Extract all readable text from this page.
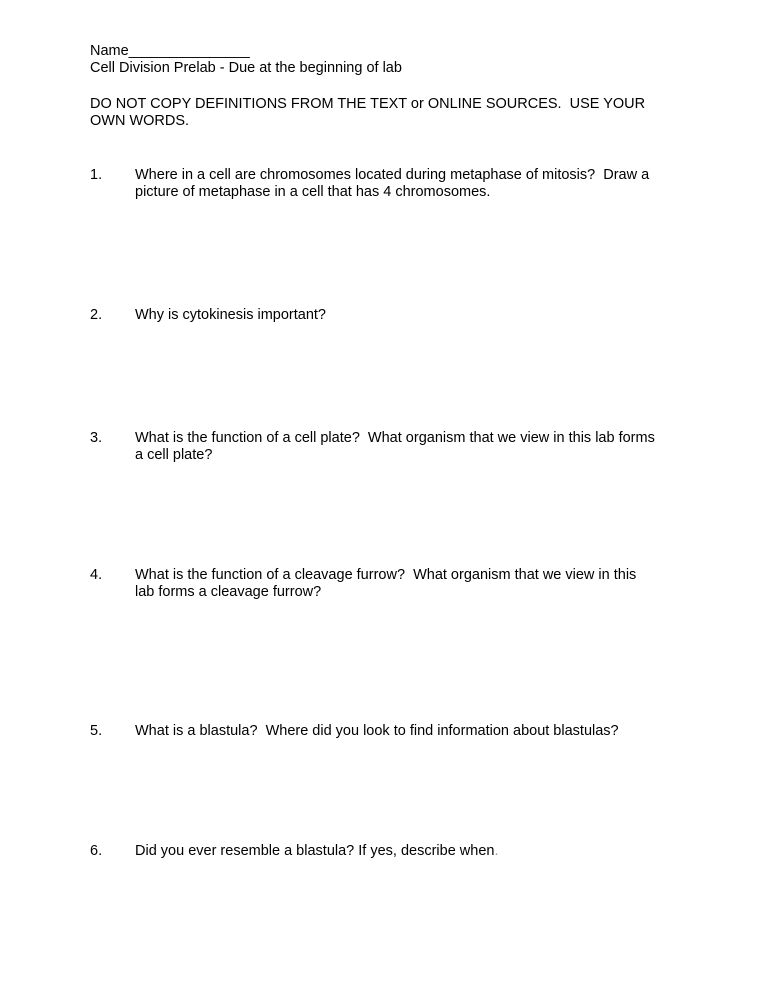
Name_______________
Cell Division Prelab - Due at the beginning of lab
DO NOT COPY DEFINITIONS FROM THE TEXT or ONLINE SOURCES.  USE YOUR
OWN WORDS.
1.	Where in a cell are chromosomes located during metaphase of mitosis?  Draw a
picture of metaphase in a cell that has 4 chromosomes.
2.	Why is cytokinesis important?
3.	What is the function of a cell plate?  What organism that we view in this lab forms
a cell plate?
4.	What is the function of a cleavage furrow?  What organism that we view in this
lab forms a cleavage furrow?
5.	What is a blastula?  Where did you look to find information about blastulas?
6.	Did you ever resemble a blastula? If yes, describe when.
